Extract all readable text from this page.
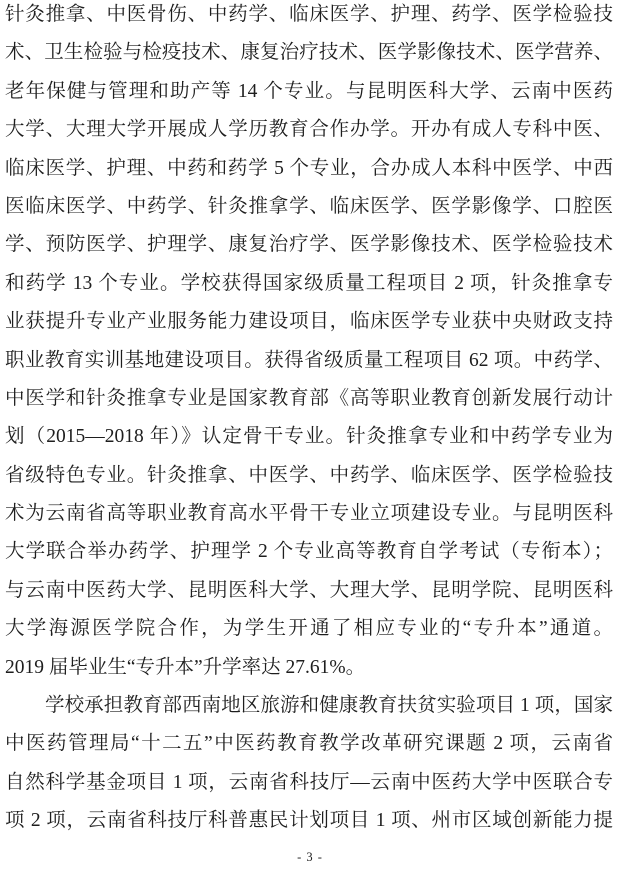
针灸推拿、中医骨伤、中药学、临床医学、护理、药学、医学检验技
术、卫生检验与检疫技术、康复治疗技术、医学影像技术、医学营养、
老年保健与管理和助产等 14 个专业。与昆明医科大学、云南中医药
大学、大理大学开展成人学历教育合作办学。开办有成人专科中医、
临床医学、护理、中药和药学 5 个专业，合办成人本科中医学、中西
医临床医学、中药学、针灸推拿学、临床医学、医学影像学、口腔医
学、预防医学、护理学、康复治疗学、医学影像技术、医学检验技术
和药学 13 个专业。学校获得国家级质量工程项目 2 项，针灸推拿专
业获提升专业产业服务能力建设项目，临床医学专业获中央财政支持
职业教育实训基地建设项目。获得省级质量工程项目 62 项。中药学、
中医学和针灸推拿专业是国家教育部《高等职业教育创新发展行动计
划（2015—2018 年）》认定骨干专业。针灸推拿专业和中药学专业为
省级特色专业。针灸推拿、中医学、中药学、临床医学、医学检验技
术为云南省高等职业教育高水平骨干专业立项建设专业。与昆明医科
大学联合举办药学、护理学 2 个专业高等教育自学考试（专衔本）；
与云南中医药大学、昆明医科大学、大理大学、昆明学院、昆明医科
大学海源医学院合作，为学生开通了相应专业的“专升本”通道。
2019 届毕业生“专升本”升学率达 27.61%。
学校承担教育部西南地区旅游和健康教育扶贫实验项目 1 项，国家
中医药管理局“十二五”中医药教育教学改革研究课题 2 项，云南省
自然科学基金项目 1 项，云南省科技厅—云南中医药大学中医联合专
项 2 项，云南省科技厅科普惠民计划项目 1 项、州市区域创新能力提
- 3 -
